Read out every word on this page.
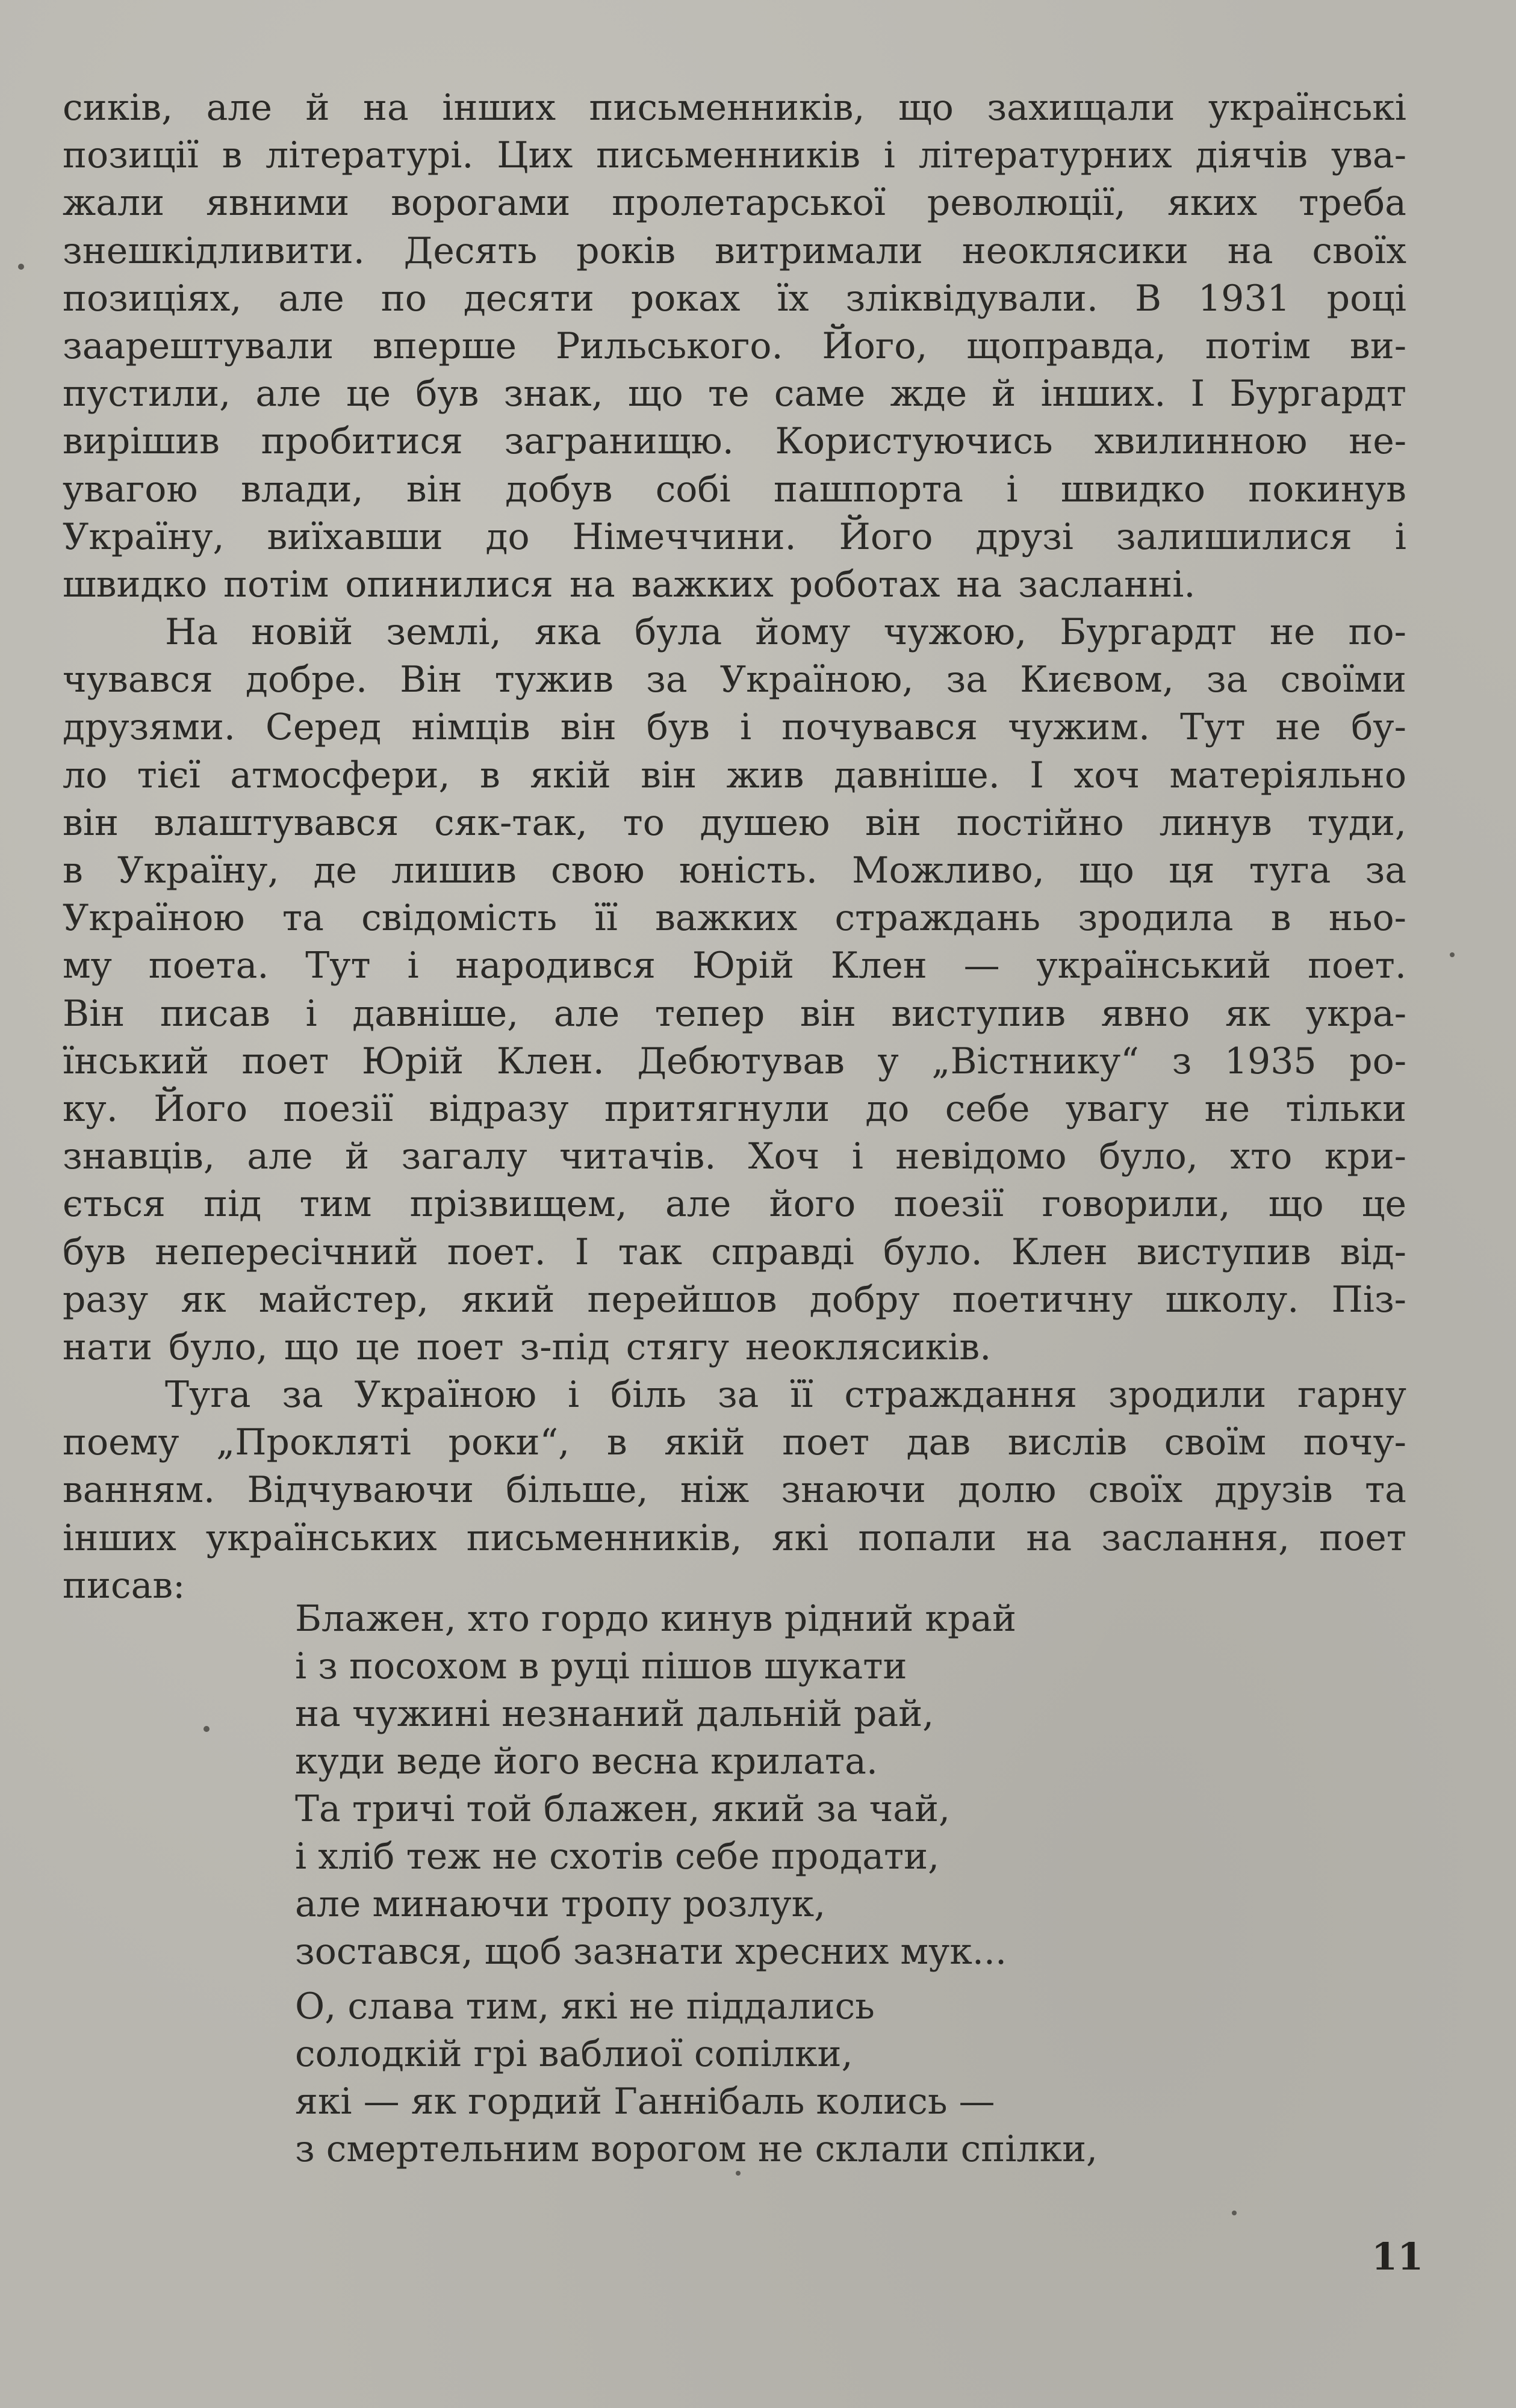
сиків, але й на інших письменників, що захищали українські
позиції в літературі. Цих письменників і літературних діячів ува-
жали явними ворогами пролетарської революції, яких треба
знешкідливити. Десять років витримали неоклясики на своїх
позиціях, але по десяти роках їх зліквідували. В 1931 році
заарештували вперше Рильського. Його, щоправда, потім ви-
пустили, але це був знак, що те саме жде й інших. І Бургардт
вирішив пробитися загранищю. Користуючись хвилинною не-
увагою влади, він добув собі пашпорта і швидко покинув
Україну, виїхавши до Німеччини. Його друзі залишилися і
швидко потім опинилися на важких роботах на засланні.
На новій землі, яка була йому чужою, Бургардт не по-
чувався добре. Він тужив за Україною, за Києвом, за своїми
друзями. Серед німців він був і почувався чужим. Тут не бу-
ло тієї атмосфери, в якій він жив давніше. І хоч матеріяльно
він влаштувався сяк-так, то душею він постійно линув туди,
в Україну, де лишив свою юність. Можливо, що ця туга за
Україною та свідомість її важких страждань зродила в ньо-
му поета. Тут і народився Юрій Клен — український поет.
Він писав і давніше, але тепер він виступив явно як укра-
їнський поет Юрій Клен. Дебютував у „Вістнику“ з 1935 ро-
ку. Його поезії відразу притягнули до себе увагу не тільки
знавців, але й загалу читачів. Хоч і невідомо було, хто кри-
ється під тим прізвищем, але його поезії говорили, що це
був непересічний поет. І так справді було. Клен виступив від-
разу як майстер, який перейшов добру поетичну школу. Піз-
нати було, що це поет з-під стягу неоклясиків.
Туга за Україною і біль за її страждання зродили гарну
поему „Прокляті роки“, в якій поет дав вислів своїм почу-
ванням. Відчуваючи більше, ніж знаючи долю своїх друзів та
інших українських письменників, які попали на заслання, поет
писав:
Блажен, хто гордо кинув рідний край
і з посохом в руці пішов шукати
на чужині незнаний дальній рай,
куди веде його весна крилата.
Та тричі той блажен, який за чай,
і хліб теж не схотів себе продати,
але минаючи тропу розлук,
зостався, щоб зазнати хресних мук...
О, слава тим, які не піддались
солодкій грі ваблиої сопілки,
які — як гордий Ганнібаль колись —
з смертельним ворогом не склали спілки,
11
